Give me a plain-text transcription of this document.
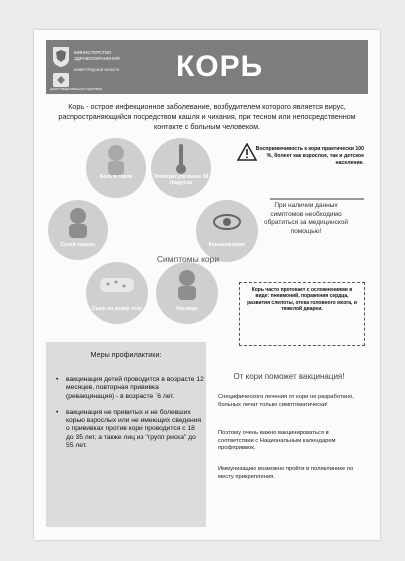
МИНИСТЕРСТВО ЗДРАВООХРАНЕНИЯ
НИЖЕГОРОДСКОЙ ОБЛАСТИ
ЦЕНТР ОБЩЕСТВЕННОГО ЗДОРОВЬЯ
КОРЬ
Корь - острое инфекционное заболевание, возбудителем которого является вирус, распространяющийся посредством кашля и чихания, при тесном или непосредственном контакте с больным человеком.
Боль в горле	Температура выше 38 градусов
Сухой кашель	Конъюнктивит
Сыпь по всему телу	Насморк
Симптомы кори
Восприимчивость к кори практически 100 %, болеет как взрослое, так и детское население.
При наличии данных симптомов необходимо обратиться за медицинской помощью!
Корь часто протекает с осложнениями в виде: пневмоний, поражения сердца, развития слепоты, отека головного мозга, и тяжелой диареи.
Меры профилактики:
• вакцинация детей проводится в возрасте 12 месяцев, повторная прививка (ревакцинация) - в возрасте `6 лет.
• вакцинация не привитых и не болевших корью взрослых или не имеющих сведения о прививках против кори проводится с 18 до 35 лет, а также лиц из "групп риска" до 55 лет.
От кори поможет вакцинация!
Специфического лечения от кори не разработано, больных лечат только симптоматически!
Поэтому очень важно вакцинироваться в соответствии с Национальным календарем профприввок.
Иммунизацию возможно пройти в поликлинике по месту прикрепления.
